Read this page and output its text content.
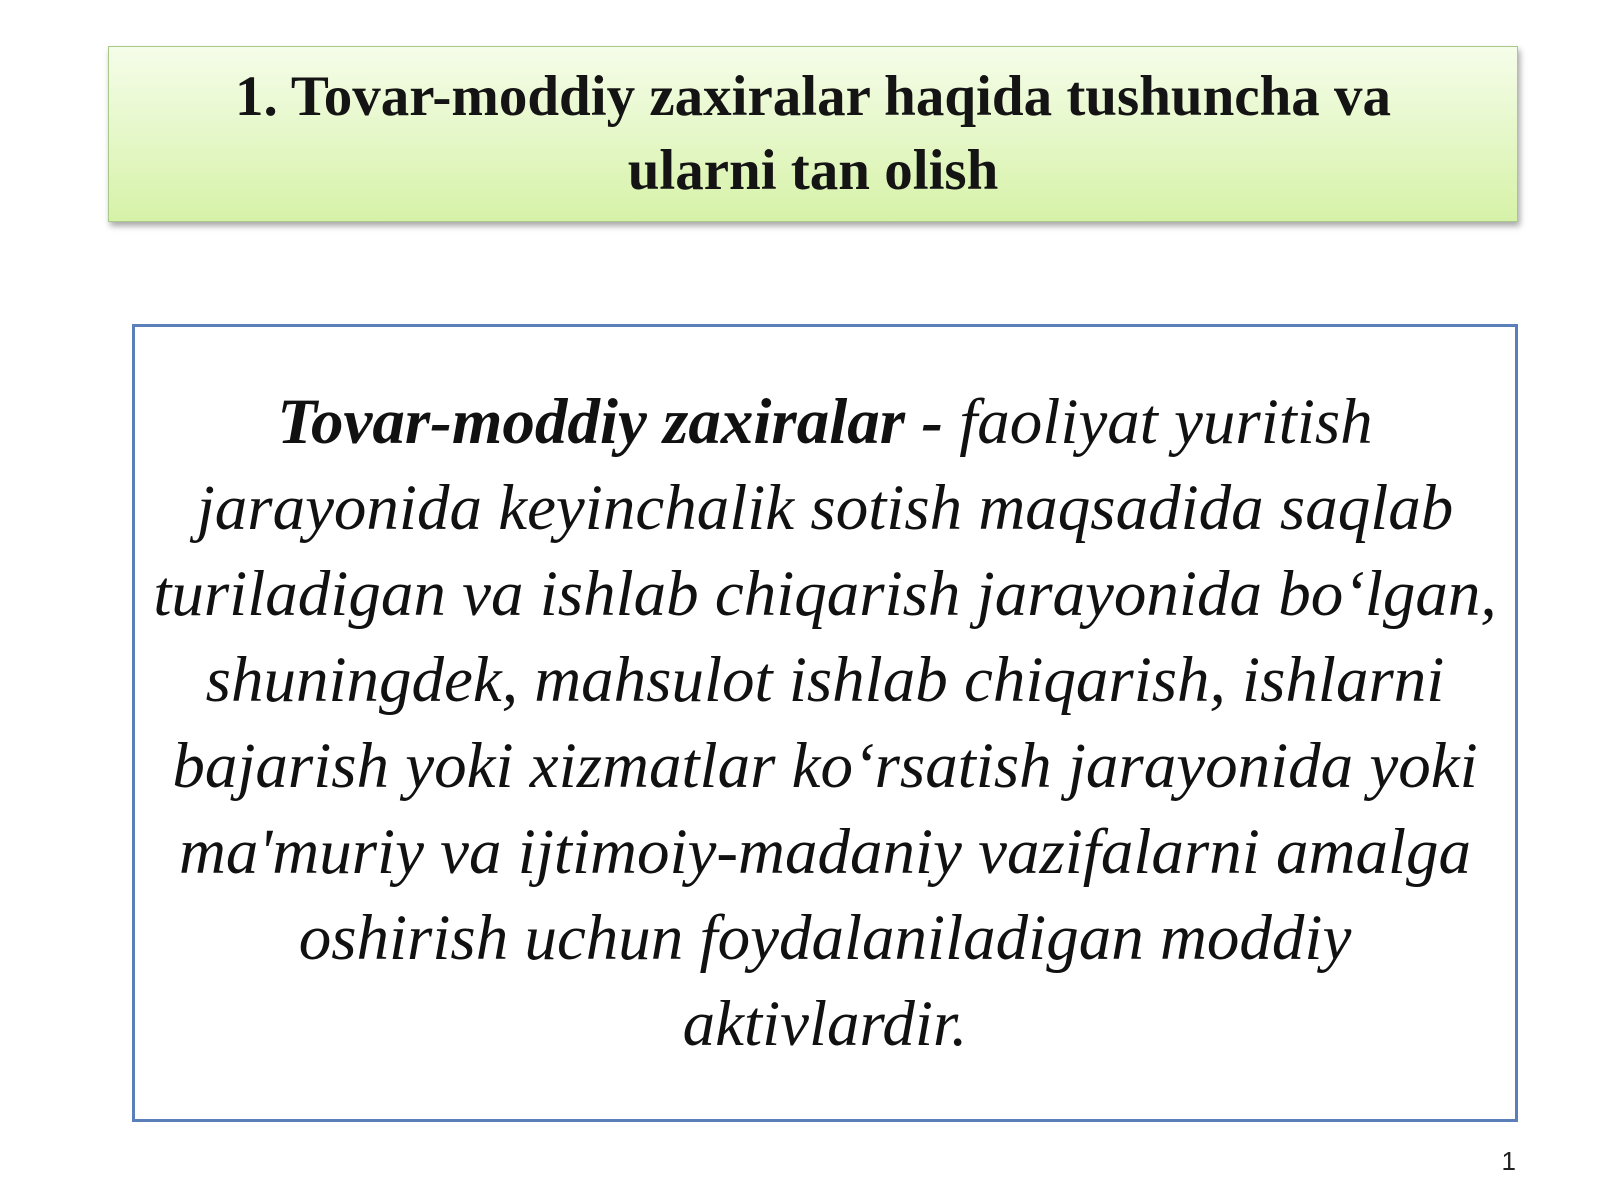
1. Tovar-moddiy zaxiralar haqida tushuncha va
ularni tan olish

Tovar-moddiy zaxiralar - faoliyat yuritish jarayonida keyinchalik sotish maqsadida saqlab turiladigan va ishlab chiqarish jarayonida bo‘lgan, shuningdek, mahsulot ishlab chiqarish, ishlarni bajarish yoki xizmatlar ko‘rsatish jarayonida yoki ma'muriy va ijtimoiy-madaniy vazifalarni amalga oshirish uchun foydalaniladigan moddiy aktivlardir.

1
